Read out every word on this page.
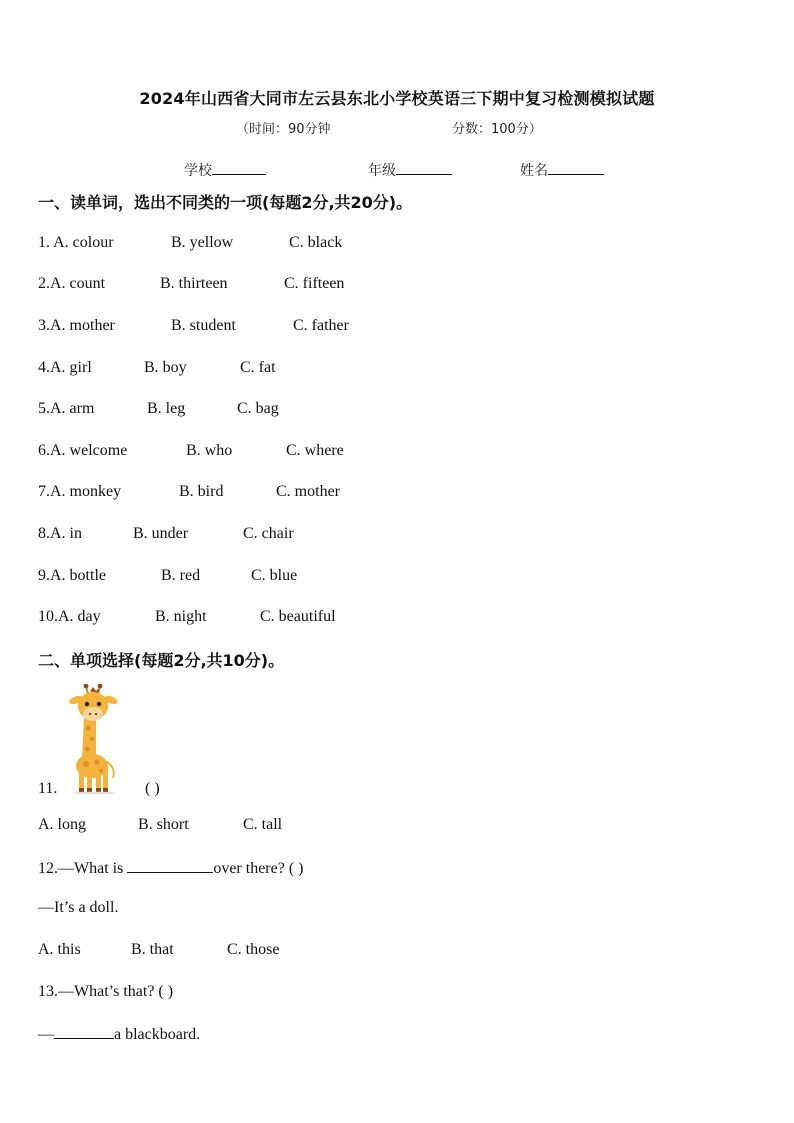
2024年山西省大同市左云县东北小学校英语三下期中复习检测模拟试题
（时间：90分钟	分数：100分）
学校	年级	姓名
一、读单词，选出不同类的一项(每题2分,共20分)。
1. A. colour	B. yellow	C. black
2.A. count	B. thirteen	C. fifteen
3.A. mother	B. student	C. father
4.A. girl	B. boy	C. fat
5.A. arm	B. leg	C. bag
6.A. welcome	B. who	C. where
7.A. monkey	B. bird	C. mother
8.A. in	B. under	C. chair
9.A. bottle	B. red	C. blue
10.A. day	B. night	C. beautiful
二、单项选择(每题2分,共10分)。
11.	( )
A. long	B. short	C. tall
12.—What is	over there? ( )
—It’s a doll.
A. this	B. that	C. those
13.—What’s that? ( )
—	a blackboard.
